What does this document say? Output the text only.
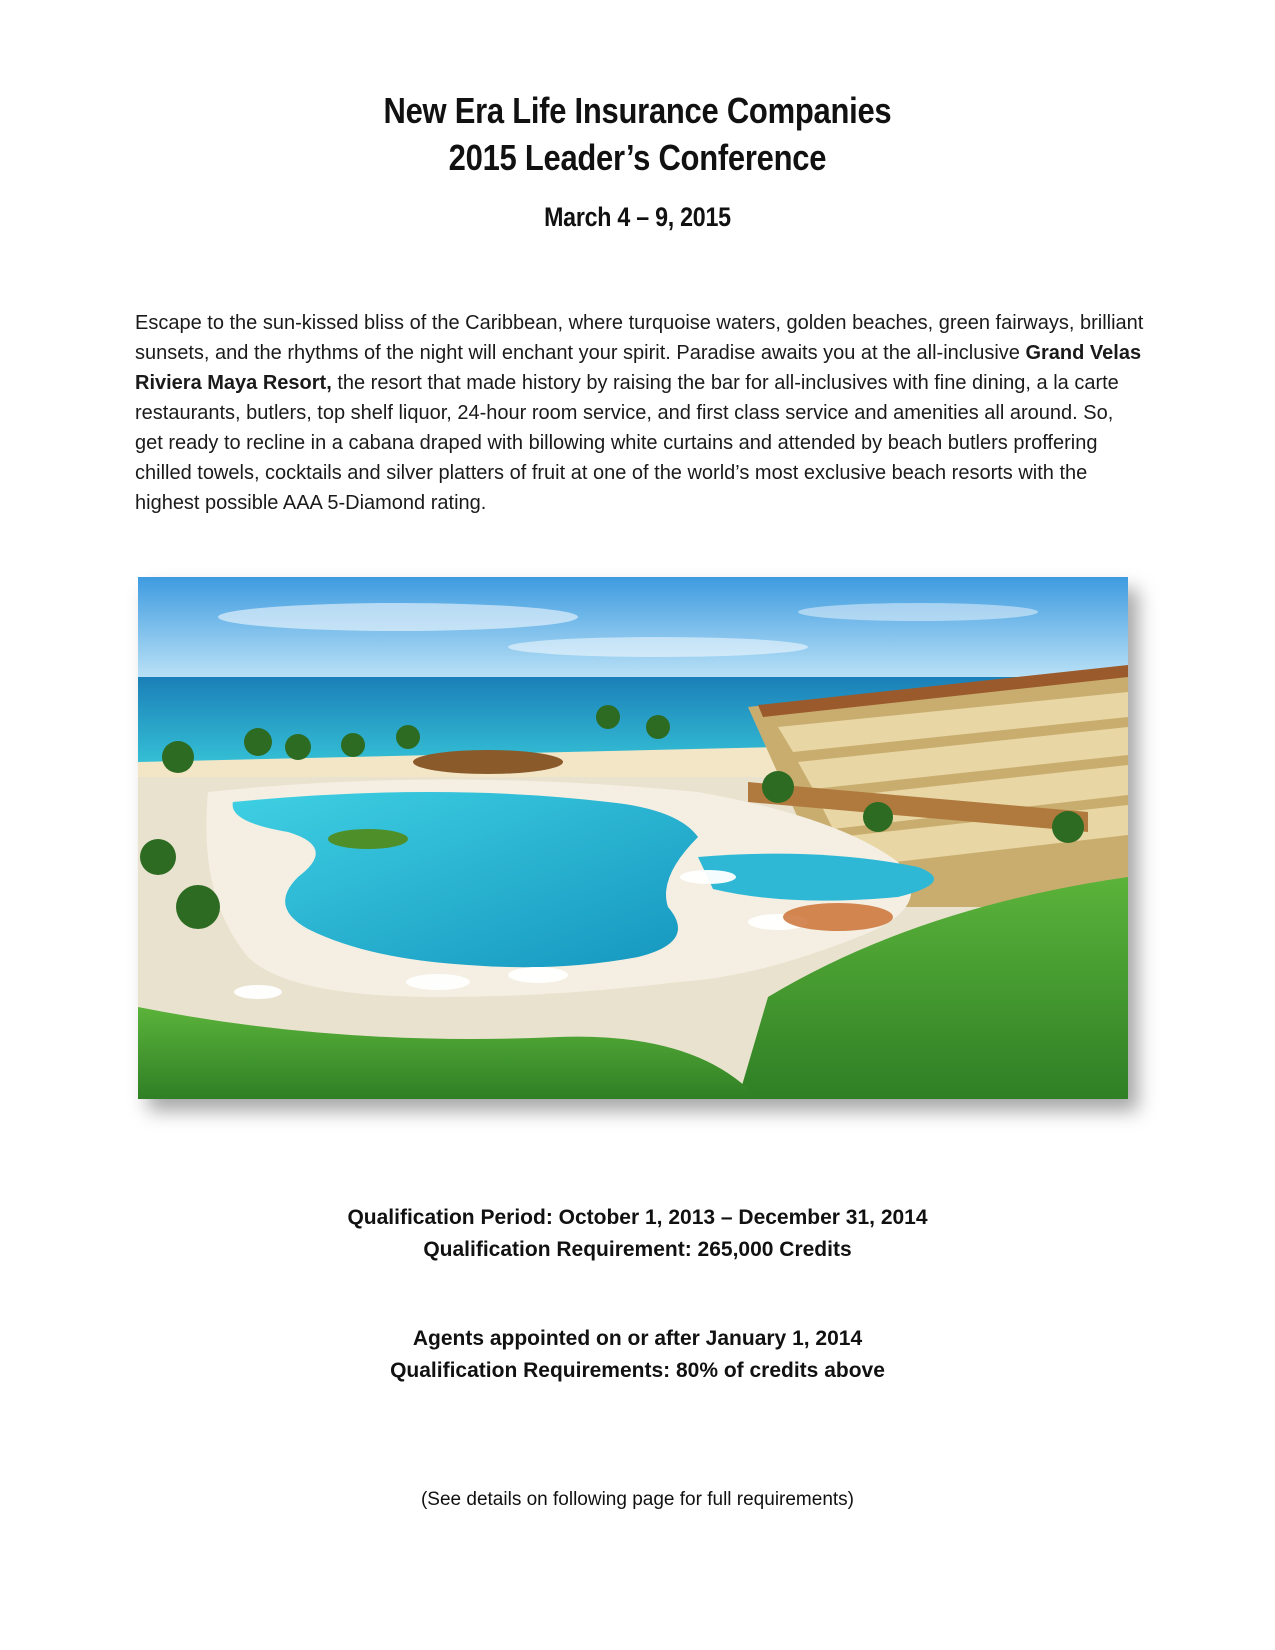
New Era Life Insurance Companies
2015 Leader’s Conference
March 4 – 9, 2015
Escape to the sun-kissed bliss of the Caribbean, where turquoise waters, golden beaches, green fairways, brilliant sunsets, and the rhythms of the night will enchant your spirit. Paradise awaits you at the all-inclusive Grand Velas Riviera Maya Resort, the resort that made history by raising the bar for all-inclusives with fine dining, a la carte restaurants, butlers, top shelf liquor, 24-hour room service, and first class service and amenities all around. So, get ready to recline in a cabana draped with billowing white curtains and attended by beach butlers proffering chilled towels, cocktails and silver platters of fruit at one of the world’s most exclusive beach resorts with the highest possible AAA 5-Diamond rating.
Qualification Period: October 1, 2013 – December 31, 2014
Qualification Requirement: 265,000 Credits
Agents appointed on or after January 1, 2014
Qualification Requirements: 80% of credits above
(See details on following page for full requirements)
